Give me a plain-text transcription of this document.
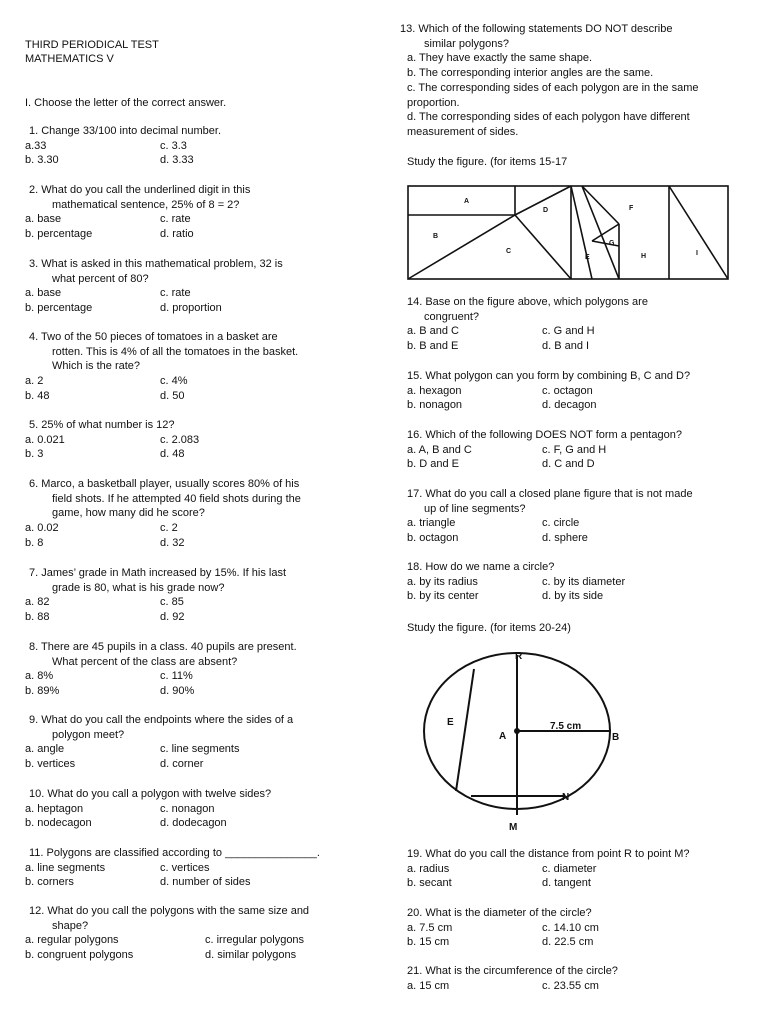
THIRD PERIODICAL TEST
MATHEMATICS V
I. Choose the letter of the correct answer.
1. Change 33/100 into decimal number.
a.33	c. 3.3
b. 3.30	d. 3.33
2. What do you call the underlined digit in this
mathematical sentence, 25% of 8 = 2?
a. base	c. rate
b. percentage	d. ratio
3. What is asked in this mathematical problem, 32 is
what percent of 80?
a. base	c. rate
b. percentage	d. proportion
4. Two of the 50 pieces of tomatoes in a basket are
rotten. This is 4% of all the tomatoes in the basket.
Which is the rate?
a. 2	c. 4%
b. 48	d. 50
5. 25% of what number is 12?
a. 0.021	c. 2.083
b. 3	d. 48
6. Marco, a basketball player, usually scores 80% of his
field shots. If he attempted 40 field shots during the
game, how many did he score?
a. 0.02	c. 2
b. 8	d. 32
7. James’ grade in Math increased by 15%. If his last
grade is 80, what is his grade now?
a. 82	c. 85
b. 88	d. 92
8. There are 45 pupils in a class. 40 pupils are present.
What percent of the class are absent?
a. 8%	c. 11%
b. 89%	d. 90%
9. What do you call the endpoints where the sides of a
polygon meet?
a. angle	c. line segments
b. vertices	d. corner
10. What do you call a polygon with twelve sides?
a. heptagon	c. nonagon
b. nodecagon	d. dodecagon
11. Polygons are classified according to _______________.
a. line segments	c. vertices
b. corners	d. number of sides
12. What do you call the polygons with the same size and
shape?
a. regular polygons	c. irregular polygons
b. congruent polygons	d. similar polygons
13. Which of the following statements DO NOT describe
similar polygons?
a. They have exactly the same shape.
b. The corresponding interior angles are the same.
c. The corresponding sides of each polygon are in the same
proportion.
d. The corresponding sides of each polygon have different
measurement of sides.
Study the figure. (for items 15-17
A
B
C
D
E
F
G
H	I
14. Base on the figure above, which polygons are
congruent?
a. B and C	c. G and H
b. B and E	d. B and I
15. What polygon can you form by combining B, C and D?
a. hexagon	c. octagon
b. nonagon	d. decagon
16. Which of the following DOES NOT form a pentagon?
a. A, B and C	c. F, G and H
b. D and E	d. C and D
17. What do you call a closed plane figure that is not made
up of line segments?
a. triangle	c. circle
b. octagon	d. sphere
18. How do we name a circle?
a. by its radius	c. by its diameter
b. by its center	d. by its side
Study the figure. (for items 20-24)
R
E
A	B
N
M
7.5 cm
19. What do you call the distance from point R to point M?
a. radius	c. diameter
b. secant	d. tangent
20. What is the diameter of the circle?
a. 7.5 cm	c. 14.10 cm
b. 15 cm	d. 22.5 cm
21. What is the circumference of the circle?
a. 15 cm	c. 23.55 cm
